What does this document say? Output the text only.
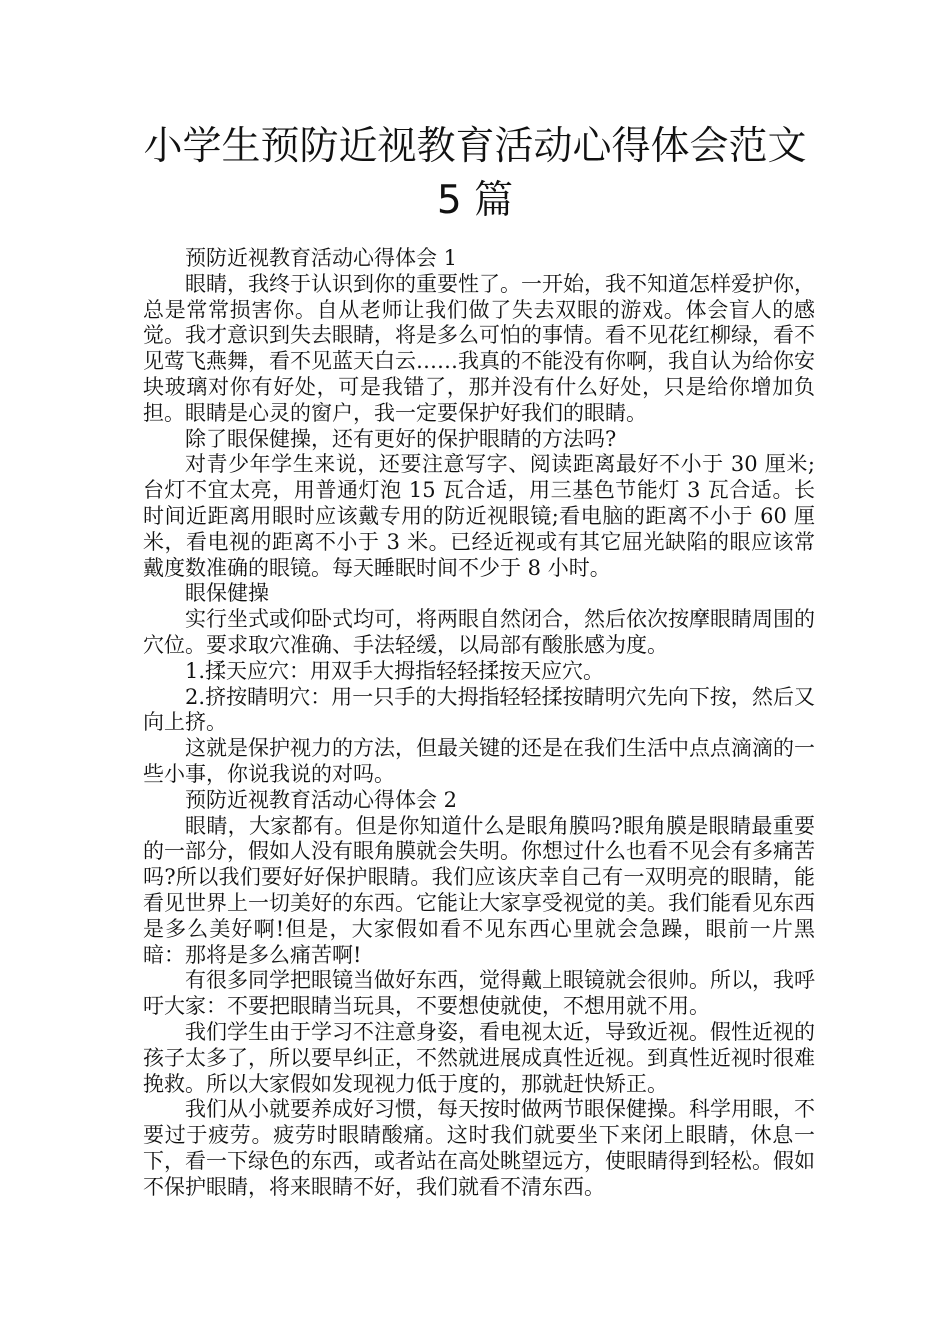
小学生预防近视教育活动心得体会范文
5 篇

预防近视教育活动心得体会 1

眼睛，我终于认识到你的重要性了。一开始，我不知道怎样爱护你，总是常常损害你。自从老师让我们做了失去双眼的游戏。体会盲人的感觉。我才意识到失去眼睛，将是多么可怕的事情。看不见花红柳绿，看不见莺飞燕舞，看不见蓝天白云……我真的不能没有你啊，我自认为给你安块玻璃对你有好处，可是我错了，那并没有什么好处，只是给你增加负担。眼睛是心灵的窗户，我一定要保护好我们的眼睛。

除了眼保健操，还有更好的保护眼睛的方法吗?

对青少年学生来说，还要注意写字、阅读距离最好不小于 30 厘米;台灯不宜太亮，用普通灯泡 15 瓦合适，用三基色节能灯 3 瓦合适。长时间近距离用眼时应该戴专用的防近视眼镜;看电脑的距离不小于 60 厘米，看电视的距离不小于 3 米。已经近视或有其它屈光缺陷的眼应该常戴度数准确的眼镜。每天睡眠时间不少于 8 小时。

眼保健操

实行坐式或仰卧式均可，将两眼自然闭合，然后依次按摩眼睛周围的穴位。要求取穴准确、手法轻缓，以局部有酸胀感为度。

1.揉天应穴：用双手大拇指轻轻揉按天应穴。

2.挤按睛明穴：用一只手的大拇指轻轻揉按睛明穴先向下按，然后又向上挤。

这就是保护视力的方法，但最关键的还是在我们生活中点点滴滴的一些小事，你说我说的对吗。

预防近视教育活动心得体会 2

眼睛，大家都有。但是你知道什么是眼角膜吗?眼角膜是眼睛最重要的一部分，假如人没有眼角膜就会失明。你想过什么也看不见会有多痛苦吗?所以我们要好好保护眼睛。我们应该庆幸自己有一双明亮的眼睛，能看见世界上一切美好的东西。它能让大家享受视觉的美。我们能看见东西是多么美好啊!但是，大家假如看不见东西心里就会急躁，眼前一片黑暗：那将是多么痛苦啊!

有很多同学把眼镜当做好东西，觉得戴上眼镜就会很帅。所以，我呼吁大家：不要把眼睛当玩具，不要想使就使，不想用就不用。

我们学生由于学习不注意身姿，看电视太近，导致近视。假性近视的孩子太多了，所以要早纠正，不然就进展成真性近视。到真性近视时很难挽救。所以大家假如发现视力低于度的，那就赶快矫正。

我们从小就要养成好习惯，每天按时做两节眼保健操。科学用眼，不要过于疲劳。疲劳时眼睛酸痛。这时我们就要坐下来闭上眼睛，休息一下，看一下绿色的东西，或者站在高处眺望远方，使眼睛得到轻松。假如不保护眼睛，将来眼睛不好，我们就看不清东西。
